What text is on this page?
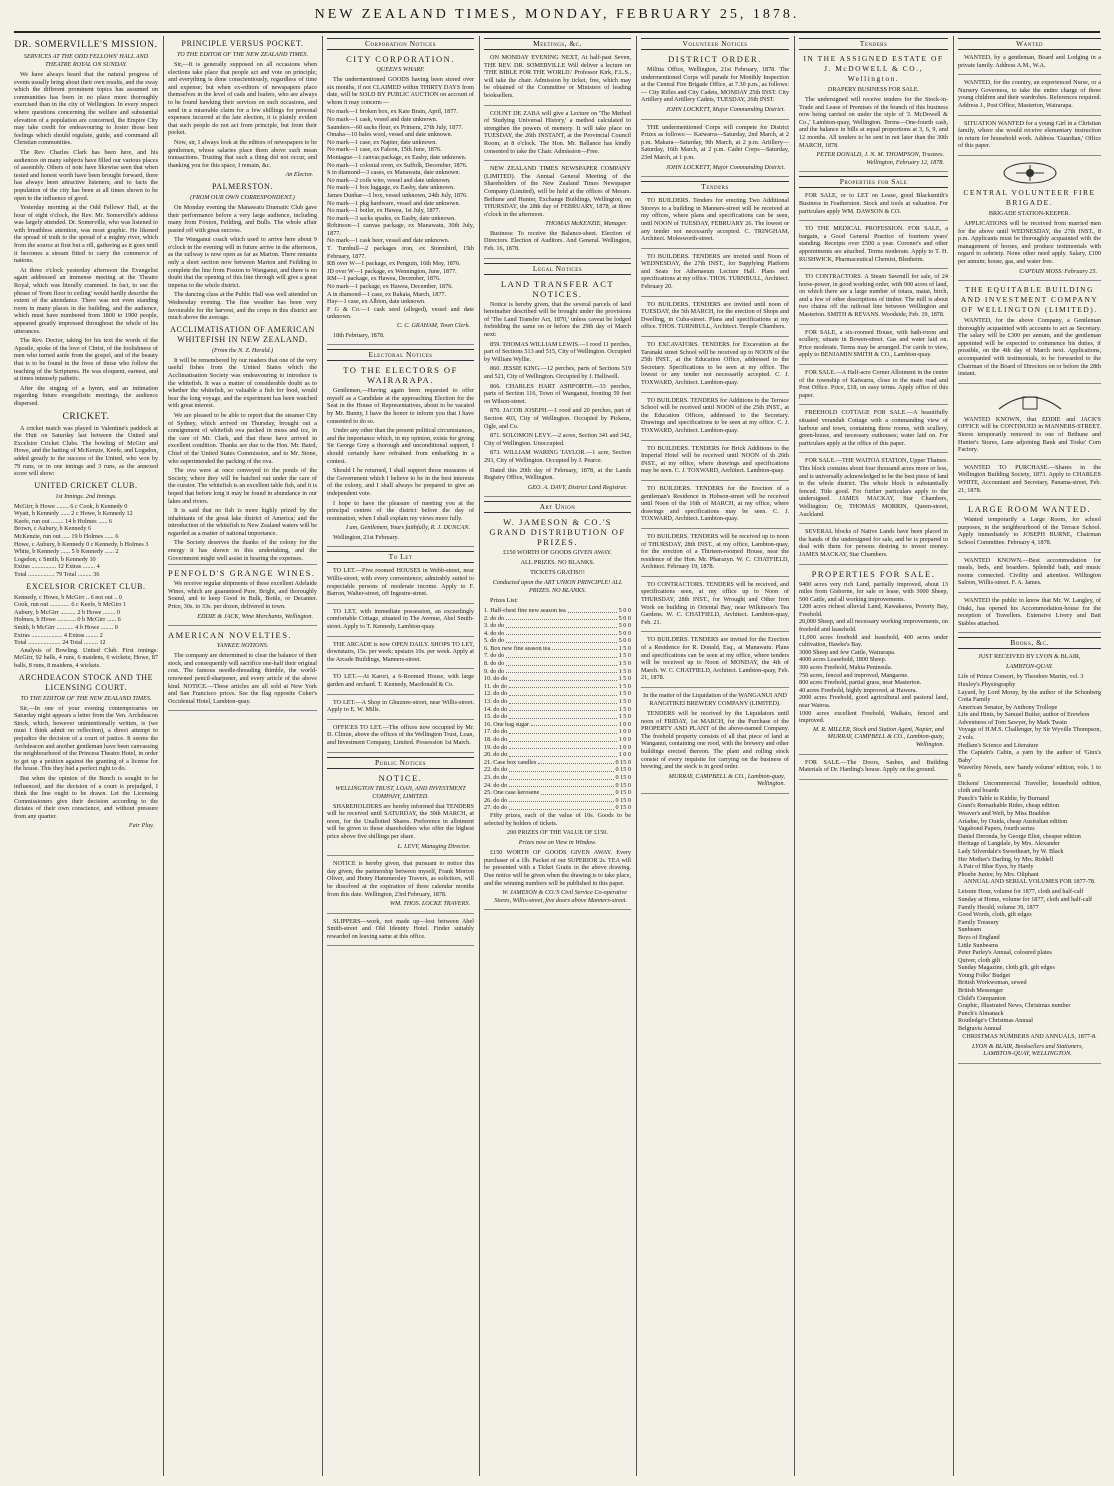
NEW ZEALAND TIMES, MONDAY, FEBRUARY 25, 1878.
DR. SOMERVILLE'S MISSION.
SERVICES AT THE ODD FELLOWS' HALL AND THEATRE ROYAL ON SUNDAY.

We have always heard that the natural progress of events usually bring about their own results, and the sway which the different prominent topics has assumed on communities has been in no place more thoroughly exercised than in the city of Wellington. In every respect where questions concerning the welfare and substantial elevation of a population are concerned, the Empire City may take credit for endeavouring to foster those best feelings which should regulate, guide, and command all Christian communities.

The Rev. Charles Clark has been here, and his audiences on many subjects have filled our various places of assembly. Others of note have likewise seen that when tested and honest worth have been brought forward, there has always been attractive listeners; and to facts the population of the city has been at all times shown to be open to the influence of good.

Yesterday morning at the Odd Fellows' Hall, at the hour of eight o'clock, the Rev. Mr. Somerville's address was largely attended. Dr. Somerville, who was listened to with breathless attention, was most graphic. He likened the spread of truth to the spread of a mighty river, which from the source at first but a rill, gathering as it goes until it becomes a stream fitted to carry the commerce of nations.

At three o'clock yesterday afternoon the Evangelist again addressed an immense meeting at the Theatre Royal, which was literally crammed. In fact, to use the phrase of 'from floor to ceiling' would hardly describe the extent of the attendance. There was not even standing room in many places in the building, and the audience, which must have numbered from 1800 to 1900 people, appeared greatly impressed throughout the whole of his utterances.

The Rev. Doctor, taking for his text the words of the Apostle, spoke of the love of Christ, of the foolishness of men who turned aside from the gospel, and of the beauty that is to be found in the lives of those who follow the teaching of the Scriptures. He was eloquent, earnest, and at times intensely pathetic.

After the singing of a hymn, and an intimation regarding future evangelistic meetings, the audience dispersed.

CRICKET.

A cricket match was played in Valentine's paddock at the Hutt on Saturday last between the United and Excelsior Cricket Clubs. The bowling of McGirr and Howe, and the batting of McKenzie, Keefe, and Logsdon, added greatly to the success of the United, who won by 79 runs, or in one innings and 3 runs, as the annexed score will show:

UNITED CRICKET CLUB.
1st Innings. 2nd Innings.

McGirr, b Howe ........ 6 c Cook, b Kennedy 0

Wyatt, b Kennedy ...... 2 c Howe, b Kennedy 12

Keefe, run out ........ 14 b Holmes ...... 6

Brown, c Aubury, b Kennedy 6

McKenzie, run out ..... 19 b Holmes ...... 6

Howe, c Aubury, b Kennedy 0 c Kennedy, b Holmes 3

White, b Kennedy ...... 5 b Kennedy ...... 2

Logsdon, c Smith, b Kennedy 10

Extras ................ 12 Extras ........ 4

Total ................. 79 Total ......... 36

EXCELSIOR CRICKET CLUB.

Kennedy, c Howe, b McGirr .. 6 not out .. 0

Cook, run out ............. 6 c Keefe, b McGirr 1

Aubury, b McGirr .......... 2 b Howe ........ 0

Holmes, b Howe ............ 0 b McGirr ...... 6

Smith, b McGirr ........... 4 b Howe ........ 0

Extras .................... 4 Extras ........ 2

Total ..................... 24 Total ......... 12

Analysis of Bowling. United Club. First innings: McGirr, 92 balls, 4 runs, 6 maidens, 6 wickets; Howe, 87 balls, 8 runs, 8 maidens, 4 wickets.

ARCHDEACON STOCK AND THE LICENSING COURT.
TO THE EDITOR OF THE NEW ZEALAND TIMES.

Sir,—In one of your evening contemporaries on Saturday night appears a letter from the Ven. Archdeacon Stock, which, however unintentionally written, is (we must I think admit on reflection), a direct attempt to prejudice the decision of a court of justice. It seems the Archdeacon and another gentleman have been canvassing the neighbourhood of the Princess Theatre Hotel, in order to get up a petition against the granting of a license for the house. This they had a perfect right to do.

But when the opinion of the Bench is sought to be influenced, and the decision of a court is prejudged, I think the line ought to be drawn. Let the Licensing Commissioners give their decision according to the dictates of their own conscience, and without pressure from any quarter.

Fair Play.
PRINCIPLE VERSUS POCKET.
TO THE EDITOR OF THE NEW ZEALAND TIMES.

Sir,—It is generally supposed on all occasions when elections take place that people act and vote on principle; and everything is done conscientiously, regardless of time and expense; but when ex-editors of newspapers place themselves in the level of cads and loafers, who are always to be found hawking their services on such occasions, and send in a miserable claim for a few shillings for personal expenses incurred at the late election, it is plainly evident that such people do not act from principle, but from their pocket.

Now, sir, I always look at the editors of newspapers to be gentlemen, whose salaries place them above such mean transactions. Trusting that such a thing did not occur, and thanking you for this space, I remain, &c.

An Elector.
PALMERSTON.
(FROM OUR OWN CORRESPONDENT.)

On Monday evening the Manawatu Dramatic Club gave their performance before a very large audience, including many from Foxton, Feilding, and Bulls. The whole affair passed off with great success.

The Wanganui coach which used to arrive here about 9 o'clock in the evening will in future arrive in the afternoon, as the railway is now open as far as Marton. There remains only a short section now between Marton and Feilding to complete the line from Foxton to Wanganui, and there is no doubt that the opening of this line through will give a great impetus to the whole district.

The dancing class at the Public Hall was well attended on Wednesday evening. The fine weather has been very favourable for the harvest, and the crops in this district are much above the average.

ACCLIMATISATION OF AMERICAN WHITEFISH IN NEW ZEALAND.
(From the N. Z. Herald.)

It will be remembered by our readers that one of the very useful fishes from the United States which the Acclimatisation Society was endeavouring to introduce is the whitefish. It was a matter of considerable doubt as to whether the whitefish, so valuable a fish for food, would bear the long voyage, and the experiment has been watched with great interest.

We are pleased to be able to report that the steamer City of Sydney, which arrived on Thursday, brought out a consignment of whitefish ova packed in moss and ice, in the care of Mr. Clark, and that these have arrived in excellent condition. Thanks are due to the Hon. Mr. Baird, Chief of the United States Commission, and to Mr. Stone, who superintended the packing of the ova.

The ova were at once conveyed to the ponds of the Society, where they will be hatched out under the care of the curator. The whitefish is an excellent table fish, and it is hoped that before long it may be found in abundance in our lakes and rivers.

It is said that no fish is more highly prized by the inhabitants of the great lake district of America; and the introduction of the whitefish to New Zealand waters will be regarded as a matter of national importance.

The Society deserves the thanks of the colony for the energy it has shown in this undertaking, and the Government might well assist in bearing the expenses.

PENFOLD'S GRANGE WINES.

We receive regular shipments of these excellent Adelaide Wines, which are guaranteed Pure, Bright, and thoroughly Sound, and to keep Good in Bulk, Bottle, or Decanter. Price, 30s. to 33s. per dozen, delivered in town.

EDDIE & JACK, Wine Merchants, Wellington.

AMERICAN NOVELTIES.

YANKEE NOTIONS.

The company are determined to clear the balance of their stock, and consequently will sacrifice one-half their original cost. The famous needle-threading thimble, the world-renowned pencil-sharpener, and every article of the above kind. NOTICE.—These articles are all sold at New York and San Francisco prices. See the flag opposite Coker's Occidental Hotel, Lambton-quay.

Corporation Notices

CITY CORPORATION.

QUEEN'S WHARF.

The undermentioned GOODS having been stored over six months, if not CLAIMED within THIRTY DAYS from date, will be SOLD BY PUBLIC AUCTION on account of whom it may concern:—

No mark—1 broken box, ex Kate Brain, April, 1877.

No mark—1 cask, vessel and date unknown.

Saunders—60 sacks flour, ex Primera, 27th July, 1877.

Omaha—10 bales wool, vessel and date unknown.

No mark—1 case, ex Napier, date unknown.

No mark—1 case, ex Falcon, 15th June, 1876.

Montague—1 canvas package, ex Easby, date unknown.

No mark—1 colonial oven, ex Suffolk, December, 1876.

S in diamond—3 cases, ex Manawatu, date unknown.

No mark—2 coils wire, vessel and date unknown.

No mark—1 box luggage, ex Easby, date unknown.

James Dunbar—1 box, vessel unknown, 24th July, 1876.

No mark—1 pkg hardware, vessel and date unknown.

No mark—1 boiler, ex Hawea, 1st July, 1877.

No mark—3 sacks spades, ex Easby, date unknown.

Robinson—1 canvas package, ex Manawatu, 30th July, 1877.

No mark—1 cask beer, vessel and date unknown.

T. Turnbull—2 packages iron, ex Stormbird, 15th February, 1877.

RB over W—1 package, ex Penguin, 16th May, 1876.

JD over W—1 package, ex Wennington, June, 1877.

RM—1 package, ex Hawea, December, 1876.

No mark—1 package, ex Hawea, December, 1876.

A in diamond—1 case, ex Rakaia, March, 1877.

Hay—1 case, ex Albion, date unknown.

F G & Co.—1 cask seed (alleged), vessel and date unknown.

C. C. GRAHAM, Town Clerk.

18th February, 1878.

Electoral Notices

TO THE ELECTORS OF WAIRARAPA.

Gentlemen,—Having again been requested to offer myself as a Candidate at the approaching Election for the Seat in the House of Representatives, about to be vacated by Mr. Bunny, I have the honor to inform you that I have consented to do so.

Under any other than the present political circumstances, and the importance which, in my opinion, exists for giving Sir George Grey a thorough and unconditional support, I should certainly have refrained from embarking in a contest.

Should I be returned, I shall support those measures of the Government which I believe to be in the best interests of the colony, and I shall always be prepared to give an independent vote.

I hope to have the pleasure of meeting you at the principal centres of the district before the day of nomination, when I shall explain my views more fully.

I am, Gentlemen, Yours faithfully, R. J. DUNCAN.

Wellington, 21st February.

To Let

TO LET.—Five roomed HOUSES in Webb-street, near Willis-street, with every convenience; admirably suited to respectable persons of moderate income. Apply to F. Barron, Walter-street, off Ingestre-street.

TO LET, with immediate possession, an exceedingly comfortable Cottage, situated in The Avenue, Abel Smith-street. Apply to T. Kennedy, Lambton-quay.

THE ARCADE is now OPEN DAILY. SHOPS TO LET, downstairs, 15s. per week; upstairs 10s. per week. Apply at the Arcade Buildings, Manners-street.

TO LET.—At Karori, a 6-Roomed House, with large garden and orchard. T. Kennedy, Macdonald & Co.

TO LET.—A Shop in Ghuznee-street, near Willis-street. Apply to E. W. Mills.

OFFICES TO LET.—The offices now occupied by Mr. D. Climie, above the offices of the Wellington Trust, Loan, and Investment Company, Limited. Possession 1st March.

Public Notices

NOTICE.

WELLINGTON TRUST, LOAN, AND INVESTMENT COMPANY, LIMITED.

SHAREHOLDERS are hereby informed that TENDERS will be received until SATURDAY, the 30th MARCH, at noon, for the Unallotted Shares. Preference in allotment will be given to those shareholders who offer the highest price above five shillings per share.

L. LEVY, Managing Director.

NOTICE is hereby given, that pursuant to notice this day given, the partnership between myself, Frank Morton Oliver, and Henry Hammersley Travers, as solicitors, will be dissolved at the expiration of three calendar months from this date. Wellington, 23rd February, 1878.

WM. THOS. LOCKE TRAVERS.

SLIPPERS—work, not made up—lost between Abel Smith-street and Old Identity Hotel. Finder suitably rewarded on leaving same at this office.

Meetings, &c.

ON MONDAY EVENING NEXT, At half-past Seven, THE REV. DR. SOMERVILLE Will deliver a lecture on 'THE BIBLE FOR THE WORLD.' Professor Kirk, F.L.S., will take the chair. Admission by ticket, free, which may be obtained of the Committee or Ministers of leading booksellers.

COUNT DE ZABA will give a Lecture on 'The Method of Studying Universal History,' a method calculated to strengthen the powers of memory. It will take place on TUESDAY, the 26th INSTANT, at the Provincial Council Room, at 8 o'clock. The Hon. Mr. Ballance has kindly consented to take the Chair. Admission—Free.

NEW ZEALAND TIMES NEWSPAPER COMPANY (LIMITED). The Annual General Meeting of the Shareholders of the New Zealand Times Newspaper Company (Limited), will be held at the offices of Messrs. Bethune and Hunter, Exchange Buildings, Wellington, on THURSDAY, the 28th day of FEBRUARY, 1878, at three o'clock in the afternoon.

THOMAS McKENZIE, Manager.

Business: To receive the Balance-sheet. Election of Directors. Election of Auditors. And General. Wellington, Feb. 16, 1878.

Legal Notices

LAND TRANSFER ACT NOTICES.

Notice is hereby given, that the several parcels of land hereinafter described will be brought under the provisions of 'The Land Transfer Act, 1870,' unless caveat be lodged forbidding the same on or before the 29th day of March next:

859. THOMAS WILLIAM LEWIS.—1 rood 11 perches, part of Sections 513 and 515, City of Wellington. Occupied by William Wyllie.

860. JESSIE KING.—12 perches, parts of Sections 519 and 521, City of Wellington. Occupied by J. Halliwell.

866. CHARLES HART ASHFORTH.—33 perches, parts of Section 116, Town of Wanganui, fronting 59 feet on Wilson-street.

870. JACOB JOSEPH.—1 rood and 20 perches, part of Section 403, City of Wellington. Occupied by Pickens, Ogle, and Co.

871. SOLOMON LEVY.—2 acres, Section 341 and 342, City of Wellington. Unoccupied.

873. WILLIAM WARING TAYLOR.—1 acre, Section 293, City of Wellington. Occupied by J. Pearce.

Dated this 20th day of February, 1878, at the Lands Registry Office, Wellington.

GEO. A. DAVY, District Land Registrar.
Art Union

W. JAMESON & CO.'S GRAND DISTRIBUTION OF PRIZES.

£150 WORTH OF GOODS GIVEN AWAY.
ALL PRIZES. NO BLANKS.
TICKETS GRATIS!!!
Conducted upon the ART UNION PRINCIPLE! ALL PRIZES. NO BLANKS.

Prizes List:

1. Half-chest fine new season tea	5 0 0
2. do do	5 0 0
3. do do	5 0 0
4. do do	5 0 0
5. do do	5 0 0
6. Box new fine season tea	1 5 0
7. do do	1 5 0
8. do do	1 5 0
9. do do	1 5 0
10. do do	1 5 0
11. do do	1 5 0
12. do do	1 5 0
13. do do	1 5 0
14. do do	1 5 0
15. do do	1 5 0
16. One bag sugar	1 0 0
17. do do	1 0 0
18. do do	1 0 0
19. do do	1 0 0
20. do do	1 0 0
21. Case box candles	0 15 0
22. do do	0 15 0
23. do do	0 15 0
24. do do	0 15 0
25. One case kerosene	0 15 0
26. do do	0 15 0
27. do do	0 15 0

Fifty prizes, each of the value of 10s. Goods to be selected by holders of tickets.

200 PRIZES OF THE VALUE OF £150.
Prizes now on View in Window.

£150 WORTH OF GOODS GIVEN AWAY. Every purchaser of a 1lb. Packet of our SUPERIOR 2s. TEA will be presented with a Ticket Gratis in the above drawing. Due notice will be given when the drawing is to take place, and the winning numbers will be published in this paper.

W. JAMESON & CO.'S Civil Service Co-operative Stores, Willis-street, five doors above Manners-street.
Volunteer Notices

DISTRICT ORDER.

Militia Office, Wellington, 21st February, 1878. The undermentioned Corps will parade for Monthly Inspection at the Central Fire Brigade Office, at 7.30 p.m., as follows:— City Rifles and City Cadets, MONDAY 25th INST. City Artillery and Artillery Cadets, TUESDAY, 26th INST.

JOHN LOCKETT, Major Commanding District.

THE undermentioned Corps will compete for District Prizes as follows:— Kaiwarra—Saturday, 2nd March, at 2 p.m. Makara—Saturday, 9th March, at 2 p.m. Artillery—Saturday, 16th March, at 2 p.m. Cadet Corps—Saturday, 23rd March, at 1 p.m.

JOHN LOCKETT, Major Commanding District.
Tenders

TO BUILDERS. Tenders for erecting Two Additional Storeys to a building in Manners-street will be received at my offices, where plans and specifications can be seen, until NOON of TUESDAY, FEBRUARY 26. The lowest or any tender not necessarily accepted. C. TRINGHAM, Architect. Molesworth-street.

TO BUILDERS. TENDERS are invited until Noon of WEDNESDAY, the 27th INST., for Supplying Platform and Seats for Athenaeum Lecture Hall. Plans and specifications at my office. THOS. TURNBULL, Architect. February 20.

TO BUILDERS. TENDERS are invited until noon of TUESDAY, the 5th MARCH, for the erection of Shops and Dwelling, in Cuba-street. Plans and specifications at my office. THOS. TURNBULL, Architect. Temple Chambers.

TO EXCAVATORS. TENDERS for Excavation at the Taranaki street School will be received up to NOON of the 25th INST., at the Education Office, addressed to the Secretary. Specifications to be seen at my office. The lowest or any tender not necessarily accepted. C. J. TOXWARD, Architect. Lambton-quay.

TO BUILDERS. TENDERS for Additions to the Terrace School will be received until NOON of the 25th INST., at the Education Offices, addressed to the Secretary. Drawings and specifications to be seen at my office. C. J. TOXWARD, Architect. Lambton-quay.

TO BUILDERS. TENDERS for Brick Additions to the Imperial Hotel will be received until NOON of th 26th INST., at my office, where drawings and specifications may be seen. C. J. TOXWARD, Architect. Lambton-quay.

TO BUILDERS. TENDERS for the Erection of a gentleman's Residence in Hobson-street will be received until Noon of the 16th of MARCH, at my office, where drawings and specifications may be seen. C. J. TOXWARD, Architect. Lambton-quay.

TO BUILDERS. TENDERS will be received up to noon of THURSDAY, 28th INST., at my office, Lambton-quay, for the erection of a Thirteen-roomed House, near the residence of the Hon. Mr. Pharazyn. W. C. CHATFIELD, Architect. February 19, 1878.

TO CONTRACTORS. TENDERS will be received, and specifications seen, at my office up to Noon of THURSDAY, 28th INST., for Wrought and Other Iron Work on building in Oriental Bay, near Wilkinson's Tea Gardens. W. C. CHATFIELD, Architect. Lambton-quay, Feb. 21.

TO BUILDERS. TENDERS are invited for the Erection of a Residence for R. Donald, Esq., at Manawatu. Plans and specifications can be seen at my office, where tenders will be received up to Noon of MONDAY, the 4th of March. W. C. CHATFIELD, Architect. Lambton-quay, Feb. 21, 1878.

In the matter of the Liquidation of the WANGANUI AND RANGITIKEI BREWERY COMPANY (LIMITED).

TENDERS will be received by the Liquidators until noon of FRIDAY, 1st MARCH, for the Purchase of the PROPERTY AND PLANT of the above-named Company. The freehold property consists of all that piece of land at Wanganui, containing one rood, with the brewery and other buildings erected thereon. The plant and rolling stock consist of every requisite for carrying on the business of brewing, and the stock is in good order.

MURRAY, CAMPBELL & CO., Lambton-quay, Wellington.
Tenders

IN THE ASSIGNED ESTATE OF J. McDOWELL & CO., Wellington.

DRAPERY BUSINESS FOR SALE.

The undersigned will receive tenders for the Stock-in-Trade and Lease of Premises of the branch of this business now being carried on under the style of 'J. McDowell & Co.,' Lambton-quay, Wellington. Terms—One-fourth cash, and the balance in bills at equal proportions at 3, 6, 9, and 12 months. All tenders to be sent in not later than the 30th MARCH, 1878.

PETER DONALD, J. N. M. THOMPSON, Trustees. Wellington, February 12, 1878.
Properties for Sale

FOR SALE, or to LET on Lease, good Blacksmith's Business in Featherston. Stock and tools at valuation. For particulars apply WM. DAWSON & CO.

TO THE MEDICAL PROFESSION. FOR SALE, a bargain, a Good General Practice of fourteen years' standing. Receipts over £500 a year. Coroner's and other appointments are attached. Terms moderate. Apply to T. H. RUSHWICK, Pharmaceutical Chemist, Blenheim.

TO CONTRACTORS. A Steam Sawmill for sale, of 24 horse-power, in good working order, with 900 acres of land, on which there are a large number of totara, matai, birch, and a few of other descriptions of timber. The mill is about two chains off the railroad line between Wellington and Masterton. SMITH & REVANS. Woodside, Feb. 19, 1878.

FOR SALE, a six-roomed House, with bath-room and scullery, situate in Bowen-street. Gas and water laid on. Price moderate. Terms may be arranged. For cards to view, apply to BENJAMIN SMITH & CO., Lambton-quay.

FOR SALE.—A Half-acre Corner Allotment in the centre of the township of Kaiwarra, close to the main road and Post Office. Price, £18, on easy terms. Apply office of this paper.

FREEHOLD COTTAGE FOR SALE.—A beautifully situated verandah Cottage with a commanding view of harbour and town, containing three rooms, with scullery, green-house, and necessary outhouses; water laid on. For particulars apply at the office of this paper.

FOR SALE.—THE WAITOA STATION, Upper Thames. This block contains about four thousand acres more or less, and is universally acknowledged to be the best piece of land in the whole district. The whole block is substantially fenced. Title good. For further particulars apply to the undersigned. JAMES MACKAY, Star Chambers, Wellington; Or, THOMAS MORRIN, Queen-street, Auckland.

SEVERAL blocks of Native Lands have been placed in the hands of the undersigned for sale, and he is prepared to deal with them for persons desiring to invest money. JAMES MACKAY, Star Chambers.

PROPERTIES FOR SALE.

9400 acres very rich Land, partially improved, about 13 miles from Gisborne, for sale or lease, with 3000 Sheep, 500 Cattle, and all working improvements.

1200 acres richest alluvial Land, Kawakawa, Poverty Bay, Freehold.

20,000 Sheep, and all necessary working improvements, on freehold and leasehold.

11,000 acres freehold and leasehold, 400 acres under cultivation, Hawke's Bay.

3000 Sheep and few Cattle, Wairarapa.

4000 acres Leasehold, 1800 Sheep.

300 acres Freehold, Mahia Peninsula.

750 acres, fenced and improved, Mangaone.

800 acres Freehold, partial grass, near Masterton.

40 acres Freehold, highly improved, at Hawera.

2000 acres Freehold, good agricultural and pastoral land, near Wairoa.

1000 acres excellent Freehold, Waikato, fenced and improved.

M. R. MILLER, Stock and Station Agent, Napier, and MURRAY, CAMPBELL & CO., Lambton-quay, Wellington.

FOR SALE.—The Doors, Sashes, and Building Materials of Dr. Harding's house. Apply on the ground.

Wanted

WANTED, by a gentleman, Board and Lodging in a private family. Address A.M., W.A.

WANTED, for the country, an experienced Nurse, or a Nursery Governess, to take the entire charge of three young children and their wardrobes. References required. Address J., Post Office, Masterton, Wairarapa.

SITUATION WANTED for a young Girl in a Christian family, where she would receive elementary instruction in return for household work. Address 'Guardian,' Office of this paper.

CENTRAL VOLUNTEER FIRE BRIGADE.

BRIGADE STATION-KEEPER.

APPLICATIONS will be received from married men for the above until WEDNESDAY, the 27th INST., 8 p.m. Applicants must be thoroughly acquainted with the management of horses, and produce testimonials with regard to sobriety. None other need apply. Salary, £100 per annum; house, gas, and water free.

CAPTAIN MOSS. February 25.

THE EQUITABLE BUILDING AND INVESTMENT COMPANY OF WELLINGTON (LIMITED).

WANTED, for the above Company, a Gentleman thoroughly acquainted with accounts to act as Secretary. The salary will be £300 per annum, and the gentleman appointed will be expected to commence his duties, if possible, on the 4th day of March next. Applications, accompanied with testimonials, to be forwarded to the Chairman of the Board of Directors on or before the 28th instant.

WANTED KNOWN, that EDDIE and JACK'S OFFICE will be CONTINUED in MANNERS-STREET. Stores temporarily removed to one of Bethune and Hunter's Stores, Lane adjoining Bank and Toske' Corn Factory.

WANTED TO PURCHASE.—Shares in the Wellington Building Society, 1873. Apply to CHARLES WHITE, Accountant and Secretary, Panama-street, Feb. 21, 1878.

LARGE ROOM WANTED.

Wanted temporarily a Large Room, for school purposes, in the neighbourhood of the Terrace School. Apply immediately to JOSEPH BURNE, Chairman School Committee. February 4, 1878.

WANTED KNOWN.—Best accommodation for meals, beds, and boarders. Splendid bath, and music rooms connected. Civility and attention. Willington Saloon, Willis-street. F. A. James.

WANTED the public to know that Mr. W. Langley, of Otaki, has opened his Accommodation-house for the reception of Travellers. Extensive Livery and Bait Stables attached.

Books, &c.
JUST RECEIVED BY LYON & BLAIR,
LAMBTON-QUAY.

Life of Prince Consort, by Theodore Martin, vol. 3

Huxley's Physiography

Layard, by Lord Moray, by the author of the Schonberg Cotta Family

American Senator, by Anthony Trollope

Life and Hints, by Samuel Butler, author of Erewhon

Adventures of Tom Sawyer, by Mark Twain

Voyage of H.M.S. Challenger, by Sir Wyville Thompson, 2 vols.

Hedlam's Science and Literature

The Captain's Cabin, a yarn by the author of 'Ginx's Baby'

Waverley Novels, new 'handy volume' edition, vols. 1 to 6

Dickens' Uncommercial Traveller, household edition, cloth and boards

Punch's Table to Kiddie, by Burnand

Grant's Remarkable Rides, cheap edition

Weaver's and Weft, by Miss Braddon

Ariadne, by Ouida, cheap Australian edition

Vagabond Papers, fourth series

Daniel Deronda, by George Eliot, cheaper edition

Heritage of Langdale, by Mrs. Alexander

Lady Silverdale's Sweetheart, by W. Black

Her Mother's Darling, by Mrs. Riddell

A Pair of Blue Eyes, by Hardy

Phoebe Junior, by Mrs. Oliphant

ANNUAL AND SERIAL VOLUMES FOR 1877-78.

Leisure Hour, volume for 1877, cloth and half-calf

Sunday at Home, volume for 1877, cloth and half-calf

Family Herald, volume 39, 1877

Good Words, cloth, gilt edges

Family Treasury

Sunbeam

Boys of England

Little Sunbeams

Peter Parley's Annual, coloured plates

Quiver, cloth gilt

Sunday Magazine, cloth gilt, gilt edges

Young Folks' Budget

British Workwoman, sewed

British Messenger

Child's Companion

Graphic, Illustrated News, Christmas number

Punch's Almanack

Routledge's Christmas Annual

Belgravia Annual

CHRISTMAS NUMBERS AND ANNUALS, 1877-8.
LYON & BLAIR, Booksellers and Stationers, LAMBTON-QUAY, WELLINGTON.
